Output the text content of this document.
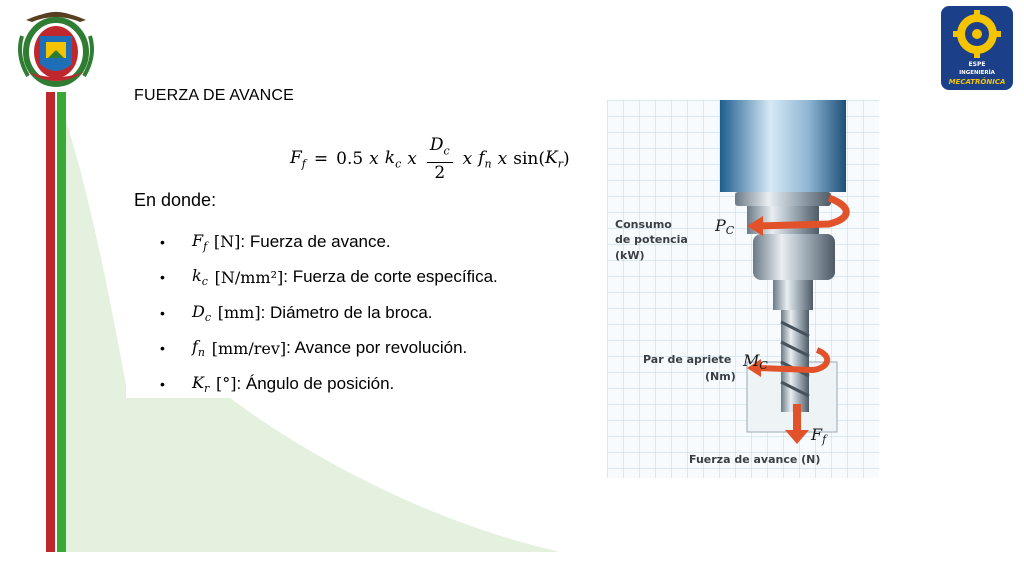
ESPE
INGENIERÍA
MECATRÓNICA
FUERZA DE AVANCE
$F_f = 0.5$ x $k_c$ x $\frac{D_c}{2}$ x $f_n$ x sin( $K_r$ )
En donde:
•	$F_f$
[N] : Fuerza de avance.
•	$k_c$
[N/mm²] : Fuerza de corte específica.
•	$D_c$
[mm] : Diámetro de la broca.
•	$f_n$
[mm/rev] : Avance por revolución.
•	$K_r$
[°] : Ángulo de posición.
Consumo
de potencia
(kW)
Par de apriete
(Nm)
Fuerza de avance (N)
PC
MC
Ff
